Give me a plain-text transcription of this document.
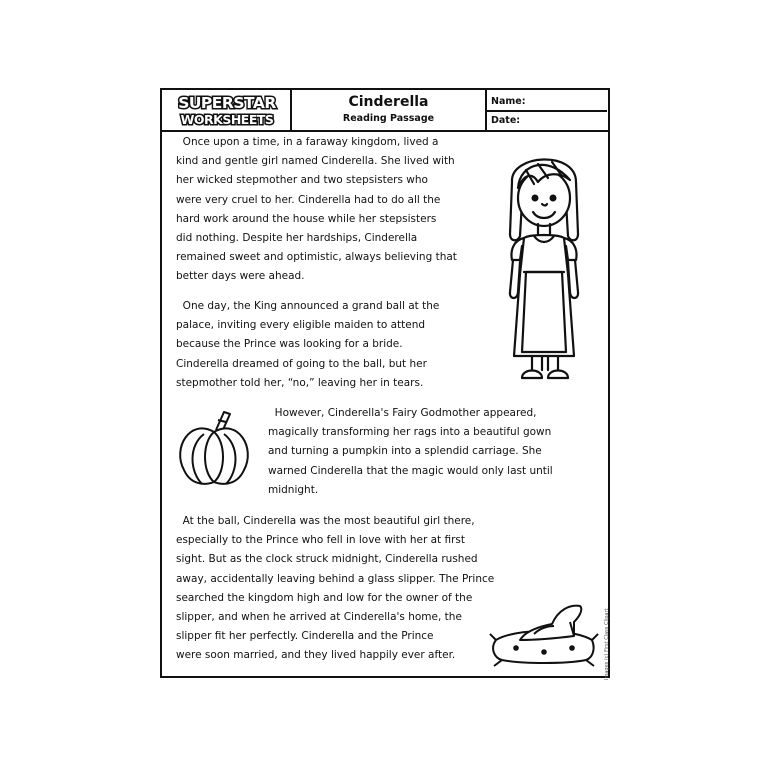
SUPERSTAR
WORKSHEETS
Cinderella
Reading Passage
Name:
Date:
Once upon a time, in a faraway kingdom, lived a
kind and gentle girl named Cinderella. She lived with
her wicked stepmother and two stepsisters who
were very cruel to her. Cinderella had to do all the
hard work around the house while her stepsisters
did nothing. Despite her hardships, Cinderella
remained sweet and optimistic, always believing that
better days were ahead.
One day, the King announced a grand ball at the
palace, inviting every eligible maiden to attend
because the Prince was looking for a bride.
Cinderella dreamed of going to the ball, but her
stepmother told her, “no,” leaving her in tears.
However, Cinderella's Fairy Godmother appeared,
magically transforming her rags into a beautiful gown
and turning a pumpkin into a splendid carriage. She
warned Cinderella that the magic would only last until
midnight.
At the ball, Cinderella was the most beautiful girl there,
especially to the Prince who fell in love with her at first
sight. But as the clock struck midnight, Cinderella rushed
away, accidentally leaving behind a glass slipper. The Prince
searched the kingdom high and low for the owner of the
slipper, and when he arrived at Cinderella's home, the
slipper fit her perfectly. Cinderella and the Prince
were soon married, and they lived happily ever after.	Images (c) First Class Clipart
